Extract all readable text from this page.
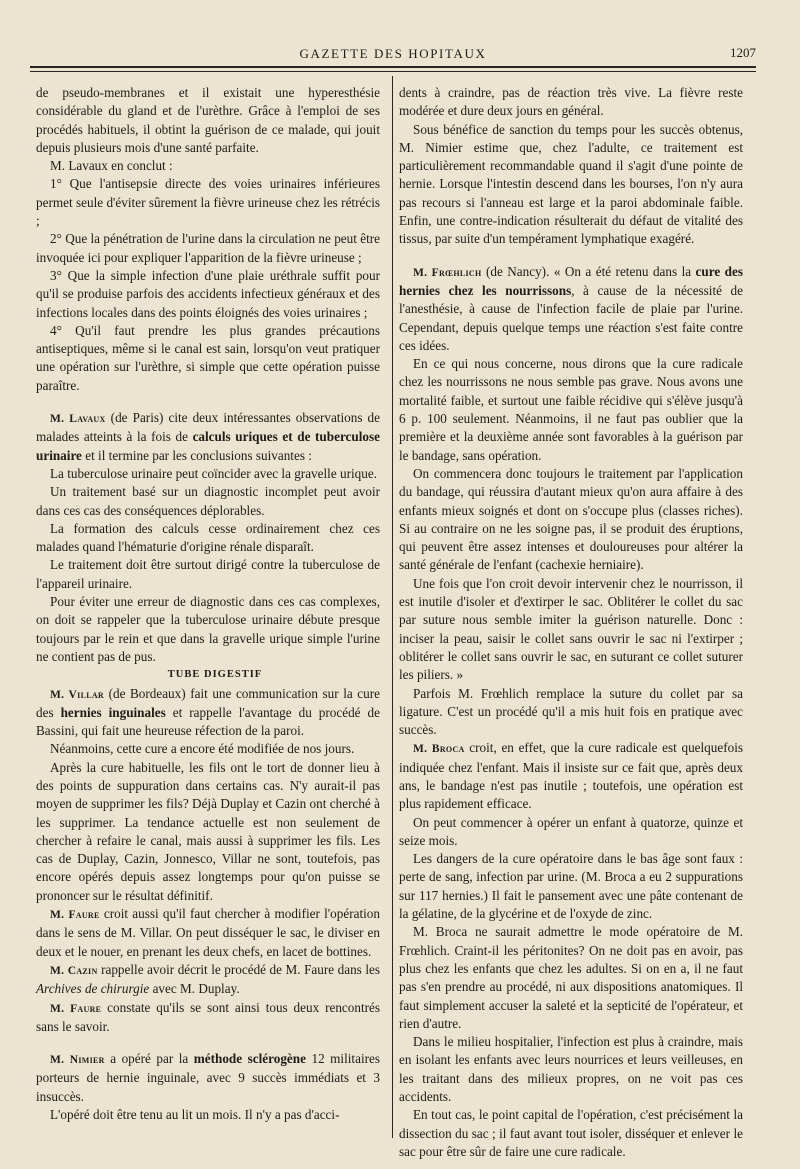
GAZETTE DES HOPITAUX	1207

de pseudo-membranes et il existait une hyperesthésie considérable du gland et de l'urèthre. Grâce à l'emploi de ses procédés habituels, il obtint la guérison de ce malade, qui jouit depuis plusieurs mois d'une santé parfaite.

M. Lavaux en conclut :

1° Que l'antisepsie directe des voies urinaires inférieures permet seule d'éviter sûrement la fièvre urineuse chez les rétrécis ;

2° Que la pénétration de l'urine dans la circulation ne peut être invoquée ici pour expliquer l'apparition de la fièvre urineuse ;

3° Que la simple infection d'une plaie uréthrale suffit pour qu'il se produise parfois des accidents infectieux généraux et des infections locales dans des points éloignés des voies urinaires ;

4° Qu'il faut prendre les plus grandes précautions antiseptiques, même si le canal est sain, lorsqu'on veut pratiquer une opération sur l'urèthre, si simple que cette opération puisse paraître.

M. Lavaux (de Paris) cite deux intéressantes observations de malades atteints à la fois de calculs uriques et de tuberculose urinaire et il termine par les conclusions suivantes :

La tuberculose urinaire peut coïncider avec la gravelle urique.

Un traitement basé sur un diagnostic incomplet peut avoir dans ces cas des conséquences déplorables.

La formation des calculs cesse ordinairement chez ces malades quand l'hématurie d'origine rénale disparaît.

Le traitement doit être surtout dirigé contre la tuberculose de l'appareil urinaire.

Pour éviter une erreur de diagnostic dans ces cas complexes, on doit se rappeler que la tuberculose urinaire débute presque toujours par le rein et que dans la gravelle urique simple l'urine ne contient pas de pus.

TUBE DIGESTIF

M. Villar (de Bordeaux) fait une communication sur la cure des hernies inguinales et rappelle l'avantage du procédé de Bassini, qui fait une heureuse réfection de la paroi.

Néanmoins, cette cure a encore été modifiée de nos jours.

Après la cure habituelle, les fils ont le tort de donner lieu à des points de suppuration dans certains cas. N'y aurait-il pas moyen de supprimer les fils? Déjà Duplay et Cazin ont cherché à les supprimer. La tendance actuelle est non seulement de chercher à refaire le canal, mais aussi à supprimer les fils. Les cas de Duplay, Cazin, Jonnesco, Villar ne sont, toutefois, pas encore opérés depuis assez longtemps pour qu'on puisse se prononcer sur le résultat définitif.

M. Faure croit aussi qu'il faut chercher à modifier l'opération dans le sens de M. Villar. On peut disséquer le sac, le diviser en deux et le nouer, en prenant les deux chefs, en lacet de bottines.

M. Cazin rappelle avoir décrit le procédé de M. Faure dans les Archives de chirurgie avec M. Duplay.

M. Faure constate qu'ils se sont ainsi tous deux rencontrés sans le savoir.

M. Nimier a opéré par la méthode sclérogène 12 militaires porteurs de hernie inguinale, avec 9 succès immédiats et 3 insuccès.

L'opéré doit être tenu au lit un mois. Il n'y a pas d'acci-

dents à craindre, pas de réaction très vive. La fièvre reste modérée et dure deux jours en général.

Sous bénéfice de sanction du temps pour les succès obtenus, M. Nimier estime que, chez l'adulte, ce traitement est particulièrement recommandable quand il s'agit d'une pointe de hernie. Lorsque l'intestin descend dans les bourses, l'on n'y aura pas recours si l'anneau est large et la paroi abdominale faible. Enfin, une contre-indication résulterait du défaut de vitalité des tissus, par suite d'un tempérament lymphatique exagéré.

M. Frœhlich (de Nancy). « On a été retenu dans la cure des hernies chez les nourrissons, à cause de la nécessité de l'anesthésie, à cause de l'infection facile de plaie par l'urine. Cependant, depuis quelque temps une réaction s'est faite contre ces idées.

En ce qui nous concerne, nous dirons que la cure radicale chez les nourrissons ne nous semble pas grave. Nous avons une mortalité faible, et surtout une faible récidive qui s'élève jusqu'à 6 p. 100 seulement. Néanmoins, il ne faut pas oublier que la première et la deuxième année sont favorables à la guérison par le bandage, sans opération.

On commencera donc toujours le traitement par l'application du bandage, qui réussira d'autant mieux qu'on aura affaire à des enfants mieux soignés et dont on s'occupe plus (classes riches). Si au contraire on ne les soigne pas, il se produit des éruptions, qui peuvent être assez intenses et douloureuses pour altérer la santé générale de l'enfant (cachexie herniaire).

Une fois que l'on croit devoir intervenir chez le nourrisson, il est inutile d'isoler et d'extirper le sac. Oblitérer le collet du sac par suture nous semble imiter la guérison naturelle. Donc : inciser la peau, saisir le collet sans ouvrir le sac ni l'extirper ; oblitérer le collet sans ouvrir le sac, en suturant ce collet suturer les piliers. »

Parfois M. Frœhlich remplace la suture du collet par sa ligature. C'est un procédé qu'il a mis huit fois en pratique avec succès.

M. Broca croit, en effet, que la cure radicale est quelquefois indiquée chez l'enfant. Mais il insiste sur ce fait que, après deux ans, le bandage n'est pas inutile ; toutefois, une opération est plus rapidement efficace.

On peut commencer à opérer un enfant à quatorze, quinze et seize mois.

Les dangers de la cure opératoire dans le bas âge sont faux : perte de sang, infection par urine. (M. Broca a eu 2 suppurations sur 117 hernies.) Il fait le pansement avec une pâte contenant de la gélatine, de la glycérine et de l'oxyde de zinc.

M. Broca ne saurait admettre le mode opératoire de M. Frœhlich. Craint-il les péritonites? On ne doit pas en avoir, pas plus chez les enfants que chez les adultes. Si on en a, il ne faut pas s'en prendre au procédé, ni aux dispositions anatomiques. Il faut simplement accuser la saleté et la septicité de l'opérateur, et rien d'autre.

Dans le milieu hospitalier, l'infection est plus à craindre, mais en isolant les enfants avec leurs nourrices et leurs veilleuses, en les traitant dans des milieux propres, on ne voit pas ces accidents.

En tout cas, le point capital de l'opération, c'est précisément la dissection du sac ; il faut avant tout isoler, disséquer et enlever le sac pour être sûr de faire une cure radicale.
